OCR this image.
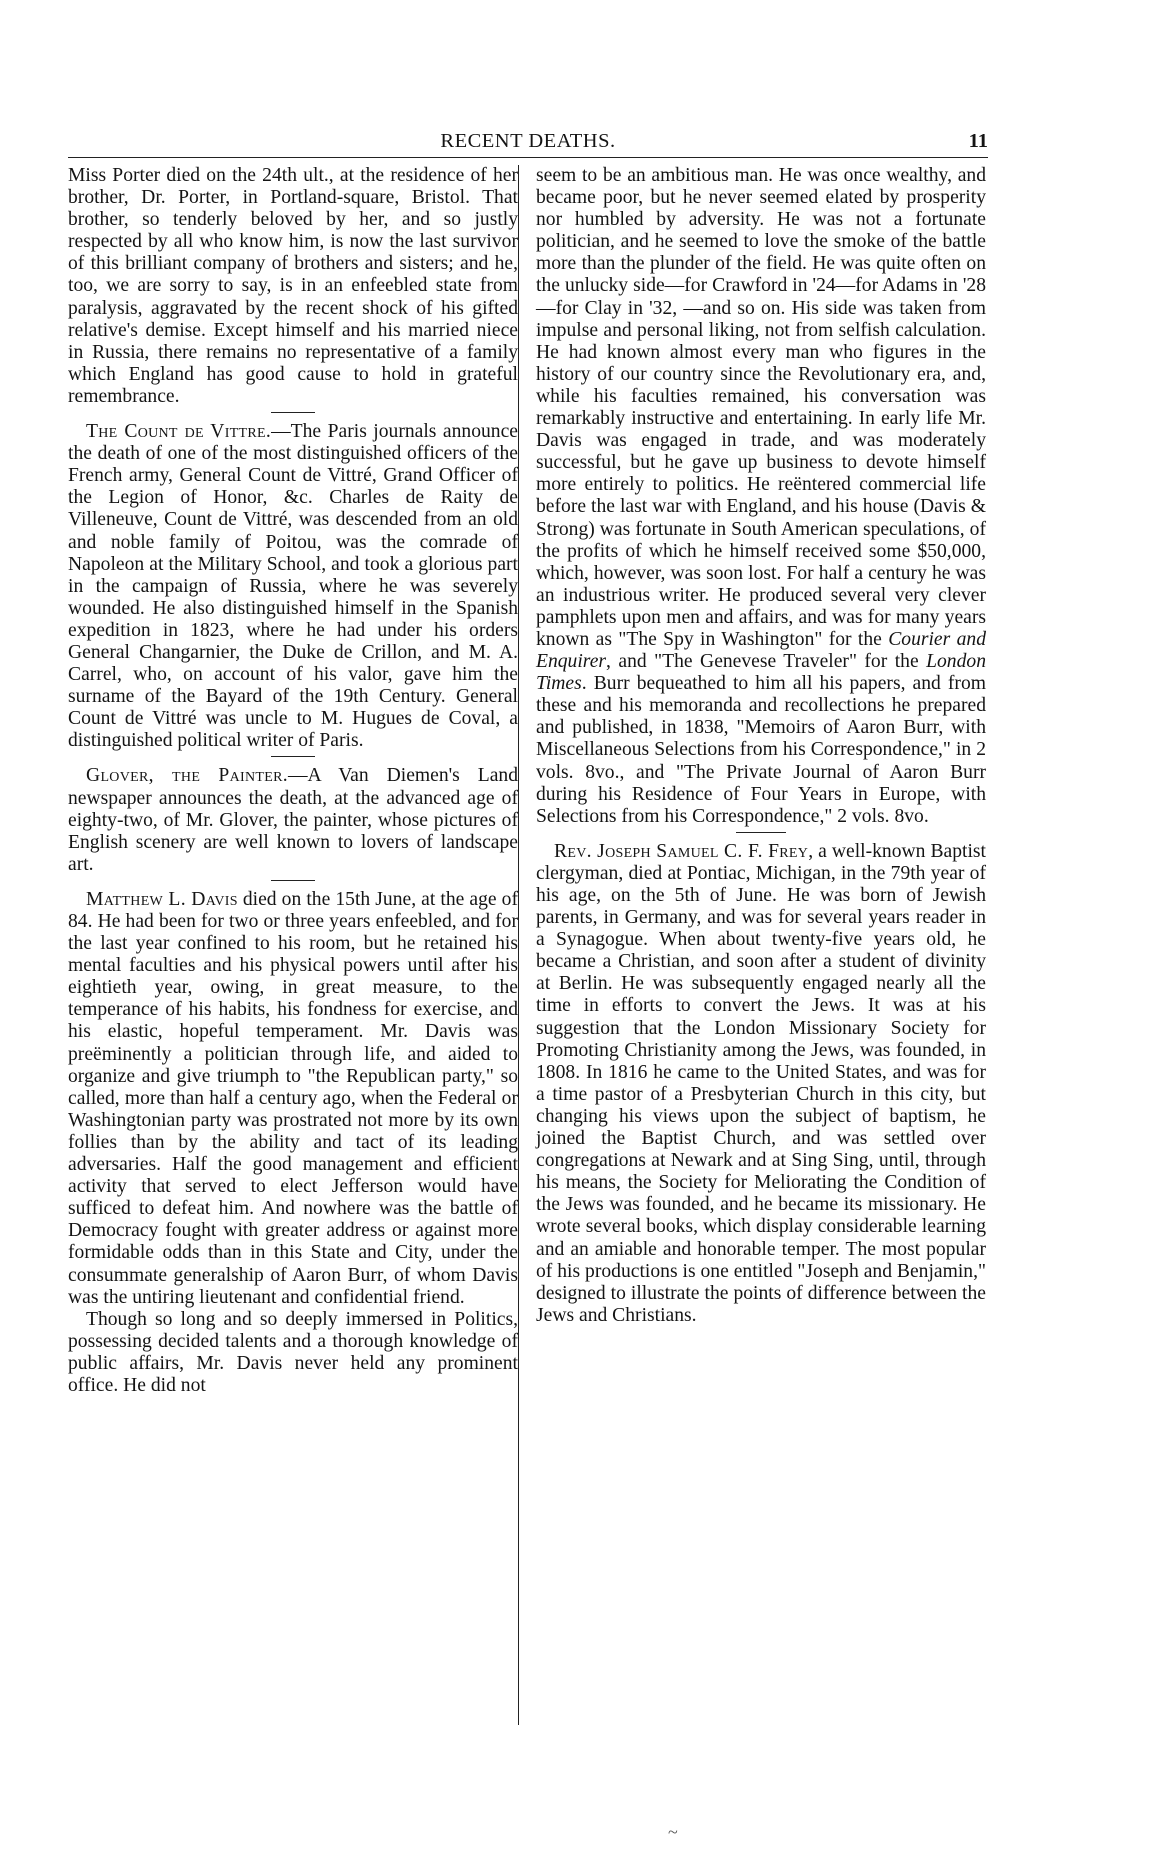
RECENT DEATHS.	11

Miss Porter died on the 24th ult., at the residence of her brother, Dr. Porter, in Portland-square, Bristol. That brother, so tenderly beloved by her, and so justly respected by all who know him, is now the last survivor of this brilliant company of brothers and sisters; and he, too, we are sorry to say, is in an enfeebled state from paralysis, aggravated by the recent shock of his gifted relative's demise. Except himself and his married niece in Russia, there remains no representative of a family which England has good cause to hold in grateful remembrance.

The Count de Vittre.—The Paris journals announce the death of one of the most distinguished officers of the French army, General Count de Vittré, Grand Officer of the Legion of Honor, &c. Charles de Raity de Villeneuve, Count de Vittré, was descended from an old and noble family of Poitou, was the comrade of Napoleon at the Military School, and took a glorious part in the campaign of Russia, where he was severely wounded. He also distinguished himself in the Spanish expedition in 1823, where he had under his orders General Changarnier, the Duke de Crillon, and M. A. Carrel, who, on account of his valor, gave him the surname of the Bayard of the 19th Century. General Count de Vittré was uncle to M. Hugues de Coval, a distinguished political writer of Paris.

Glover, the Painter.—A Van Diemen's Land newspaper announces the death, at the advanced age of eighty-two, of Mr. Glover, the painter, whose pictures of English scenery are well known to lovers of landscape art.

Matthew L. Davis died on the 15th June, at the age of 84. He had been for two or three years enfeebled, and for the last year confined to his room, but he retained his mental faculties and his physical powers until after his eightieth year, owing, in great measure, to the temperance of his habits, his fondness for exercise, and his elastic, hopeful temperament. Mr. Davis was preëminently a politician through life, and aided to organize and give triumph to "the Republican party," so called, more than half a century ago, when the Federal or Washingtonian party was prostrated not more by its own follies than by the ability and tact of its leading adversaries. Half the good management and efficient activity that served to elect Jefferson would have sufficed to defeat him. And nowhere was the battle of Democracy fought with greater address or against more formidable odds than in this State and City, under the consummate generalship of Aaron Burr, of whom Davis was the untiring lieutenant and confidential friend.

Though so long and so deeply immersed in Politics, possessing decided talents and a thorough knowledge of public affairs, Mr. Davis never held any prominent office. He did not

seem to be an ambitious man. He was once wealthy, and became poor, but he never seemed elated by prosperity nor humbled by adversity. He was not a fortunate politician, and he seemed to love the smoke of the battle more than the plunder of the field. He was quite often on the unlucky side—for Crawford in '24—for Adams in '28—for Clay in '32, —and so on. His side was taken from impulse and personal liking, not from selfish calculation. He had known almost every man who figures in the history of our country since the Revolutionary era, and, while his faculties remained, his conversation was remarkably instructive and entertaining. In early life Mr. Davis was engaged in trade, and was moderately successful, but he gave up business to devote himself more entirely to politics. He reëntered commercial life before the last war with England, and his house (Davis & Strong) was fortunate in South American speculations, of the profits of which he himself received some $50,000, which, however, was soon lost. For half a century he was an industrious writer. He produced several very clever pamphlets upon men and affairs, and was for many years known as "The Spy in Washington" for the Courier and Enquirer, and "The Genevese Traveler" for the London Times. Burr bequeathed to him all his papers, and from these and his memoranda and recollections he prepared and published, in 1838, "Memoirs of Aaron Burr, with Miscellaneous Selections from his Correspondence," in 2 vols. 8vo., and "The Private Journal of Aaron Burr during his Residence of Four Years in Europe, with Selections from his Correspondence," 2 vols. 8vo.

Rev. Joseph Samuel C. F. Frey, a well-known Baptist clergyman, died at Pontiac, Michigan, in the 79th year of his age, on the 5th of June. He was born of Jewish parents, in Germany, and was for several years reader in a Synagogue. When about twenty-five years old, he became a Christian, and soon after a student of divinity at Berlin. He was subsequently engaged nearly all the time in efforts to convert the Jews. It was at his suggestion that the London Missionary Society for Promoting Christianity among the Jews, was founded, in 1808. In 1816 he came to the United States, and was for a time pastor of a Presbyterian Church in this city, but changing his views upon the subject of baptism, he joined the Baptist Church, and was settled over congregations at Newark and at Sing Sing, until, through his means, the Society for Meliorating the Condition of the Jews was founded, and he became its missionary. He wrote several books, which display considerable learning and an amiable and honorable temper. The most popular of his productions is one entitled "Joseph and Benjamin," designed to illustrate the points of difference between the Jews and Christians.

~
